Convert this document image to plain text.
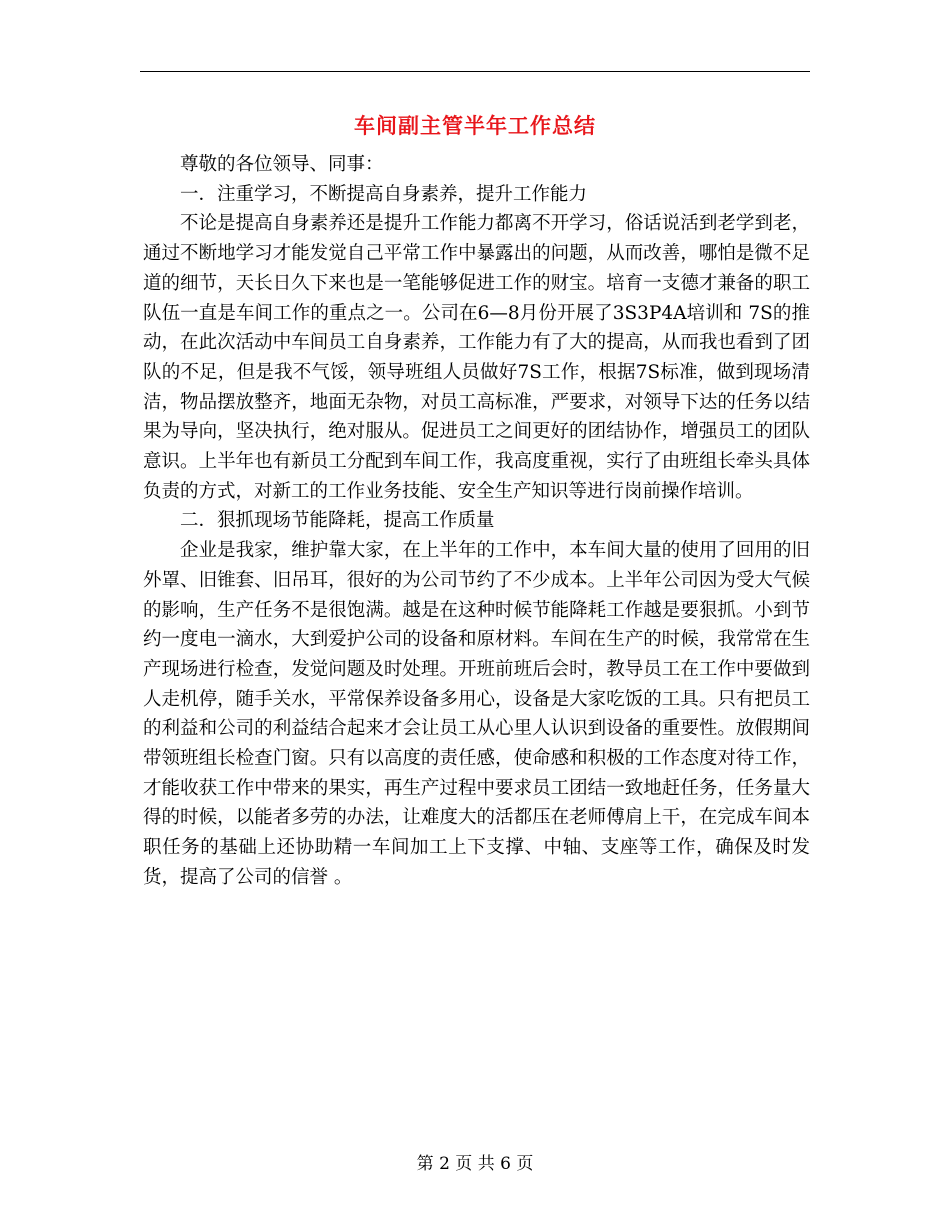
车间副主管半年工作总结

尊敬的各位领导、同事：

一．注重学习，不断提高自身素养，提升工作能力

不论是提高自身素养还是提升工作能力都离不开学习，俗话说活到老学到老，通过不断地学习才能发觉自己平常工作中暴露出的问题，从而改善，哪怕是微不足道的细节，天长日久下来也是一笔能够促进工作的财宝。培育一支德才兼备的职工队伍一直是车间工作的重点之一。公司在6—8月份开展了3S3P4A培训和 7S的推动，在此次活动中车间员工自身素养，工作能力有了大的提高，从而我也看到了团队的不足，但是我不气馁，领导班组人员做好7S工作，根据7S标准，做到现场清洁，物品摆放整齐，地面无杂物，对员工高标准，严要求，对领导下达的任务以结果为导向，坚决执行，绝对服从。促进员工之间更好的团结协作，增强员工的团队意识。上半年也有新员工分配到车间工作，我高度重视，实行了由班组长牵头具体负责的方式，对新工的工作业务技能、安全生产知识等进行岗前操作培训。

二．狠抓现场节能降耗，提高工作质量

企业是我家，维护靠大家，在上半年的工作中，本车间大量的使用了回用的旧外罩、旧锥套、旧吊耳，很好的为公司节约了不少成本。上半年公司因为受大气候的影响，生产任务不是很饱满。越是在这种时候节能降耗工作越是要狠抓。小到节约一度电一滴水，大到爱护公司的设备和原材料。车间在生产的时候，我常常在生产现场进行检查，发觉问题及时处理。开班前班后会时，教导员工在工作中要做到人走机停，随手关水，平常保养设备多用心，设备是大家吃饭的工具。只有把员工的利益和公司的利益结合起来才会让员工从心里人认识到设备的重要性。放假期间带领班组长检查门窗。只有以高度的责任感，使命感和积极的工作态度对待工作，才能收获工作中带来的果实，再生产过程中要求员工团结一致地赶任务，任务量大得的时候，以能者多劳的办法，让难度大的活都压在老师傅肩上干，在完成车间本职任务的基础上还协助精一车间加工上下支撑、中轴、支座等工作，确保及时发货，提高了公司的信誉 。

第 2 页 共 6 页
